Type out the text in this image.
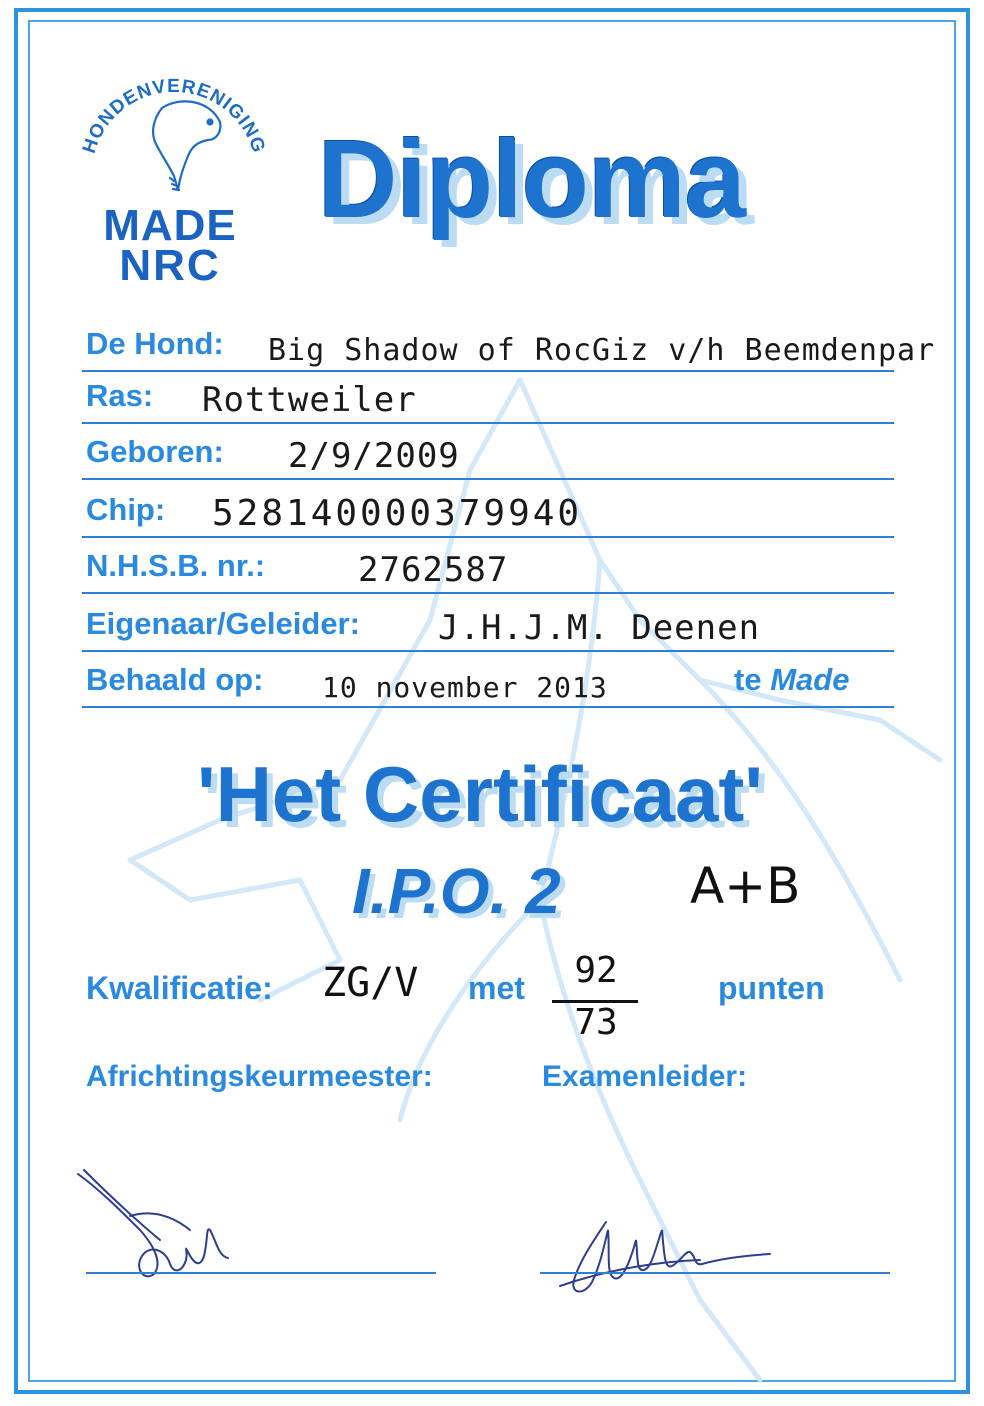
HONDENVERENIGING
MADE
NRC
Diploma
De Hond: Big Shadow of RocGiz v/h Beemdenpar
Ras: Rottweiler
Geboren: 2/9/2009
Chip: 528140000379940
N.H.S.B. nr.:	2762587
Eigenaar/Geleider: J.H.J.M. Deenen
Behaald op: 10 november 2013	te Made
'Het Certificaat'
I.P.O. 2	A+B
Kwalificatie: ZG/V met	92
73
punten
Africhtingskeurmeester:	Examenleider:
